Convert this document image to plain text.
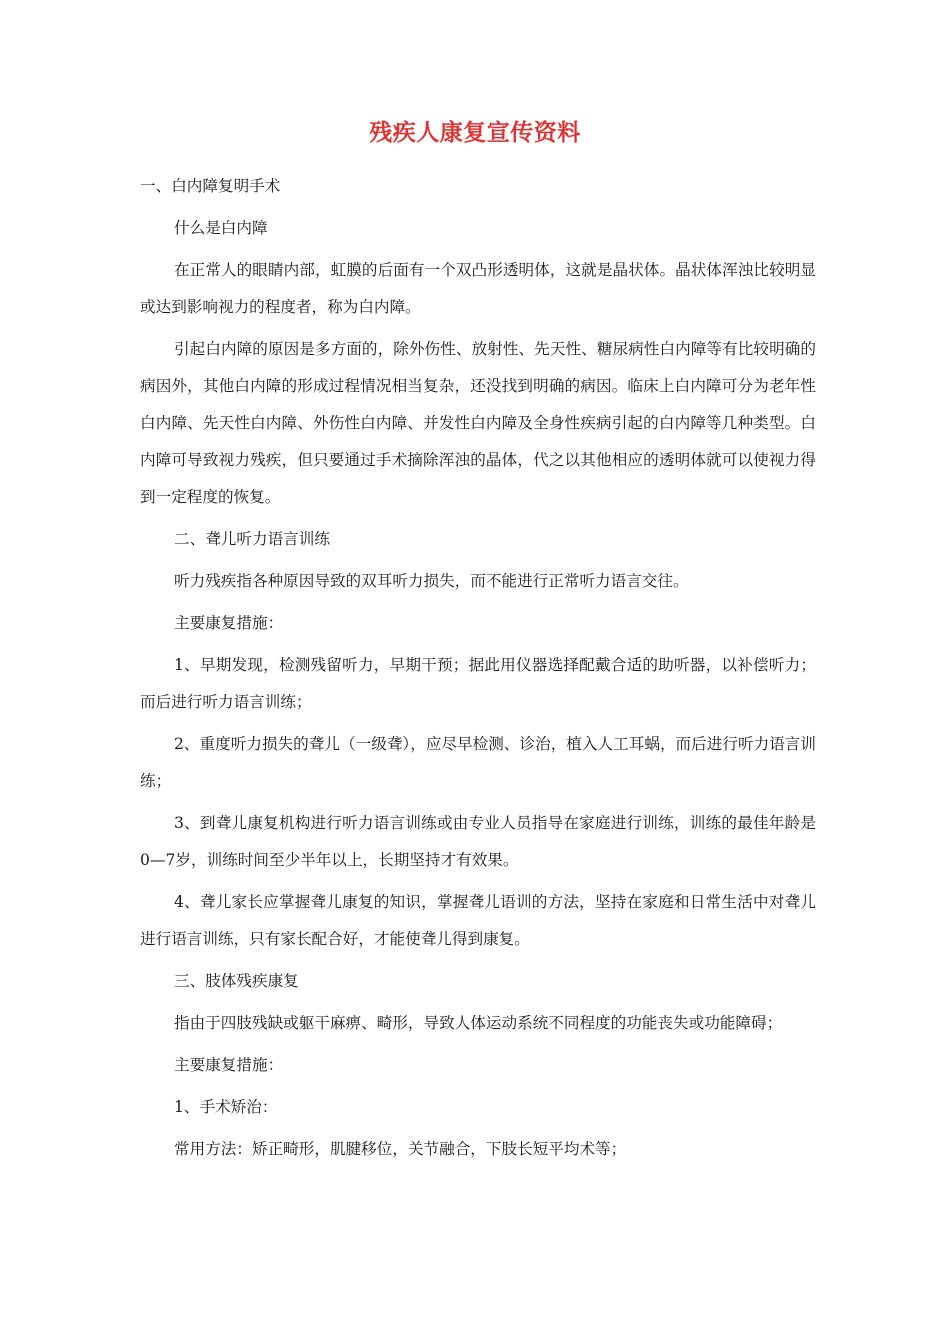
残疾人康复宣传资料

一、白内障复明手术

什么是白内障

在正常人的眼睛内部，虹膜的后面有一个双凸形透明体，这就是晶状体。晶状体浑浊比较明显或达到影响视力的程度者，称为白内障。

引起白内障的原因是多方面的，除外伤性、放射性、先天性、糖尿病性白内障等有比较明确的病因外，其他白内障的形成过程情况相当复杂，还没找到明确的病因。临床上白内障可分为老年性白内障、先天性白内障、外伤性白内障、并发性白内障及全身性疾病引起的白内障等几种类型。白内障可导致视力残疾，但只要通过手术摘除浑浊的晶体，代之以其他相应的透明体就可以使视力得到一定程度的恢复。

二、聋儿听力语言训练

听力残疾指各种原因导致的双耳听力损失，而不能进行正常听力语言交往。

主要康复措施：

1、早期发现，检测残留听力，早期干预；据此用仪器选择配戴合适的助听器，以补偿听力；而后进行听力语言训练；

2、重度听力损失的聋儿（一级聋），应尽早检测、诊治，植入人工耳蜗，而后进行听力语言训练；

3、到聋儿康复机构进行听力语言训练或由专业人员指导在家庭进行训练，训练的最佳年龄是0—7岁，训练时间至少半年以上，长期坚持才有效果。

4、聋儿家长应掌握聋儿康复的知识，掌握聋儿语训的方法，坚持在家庭和日常生活中对聋儿进行语言训练，只有家长配合好，才能使聋儿得到康复。

三、肢体残疾康复

指由于四肢残缺或躯干麻痹、畸形，导致人体运动系统不同程度的功能丧失或功能障碍；

主要康复措施：

1、手术矫治：

常用方法：矫正畸形，肌腱移位，关节融合，下肢长短平均术等；
